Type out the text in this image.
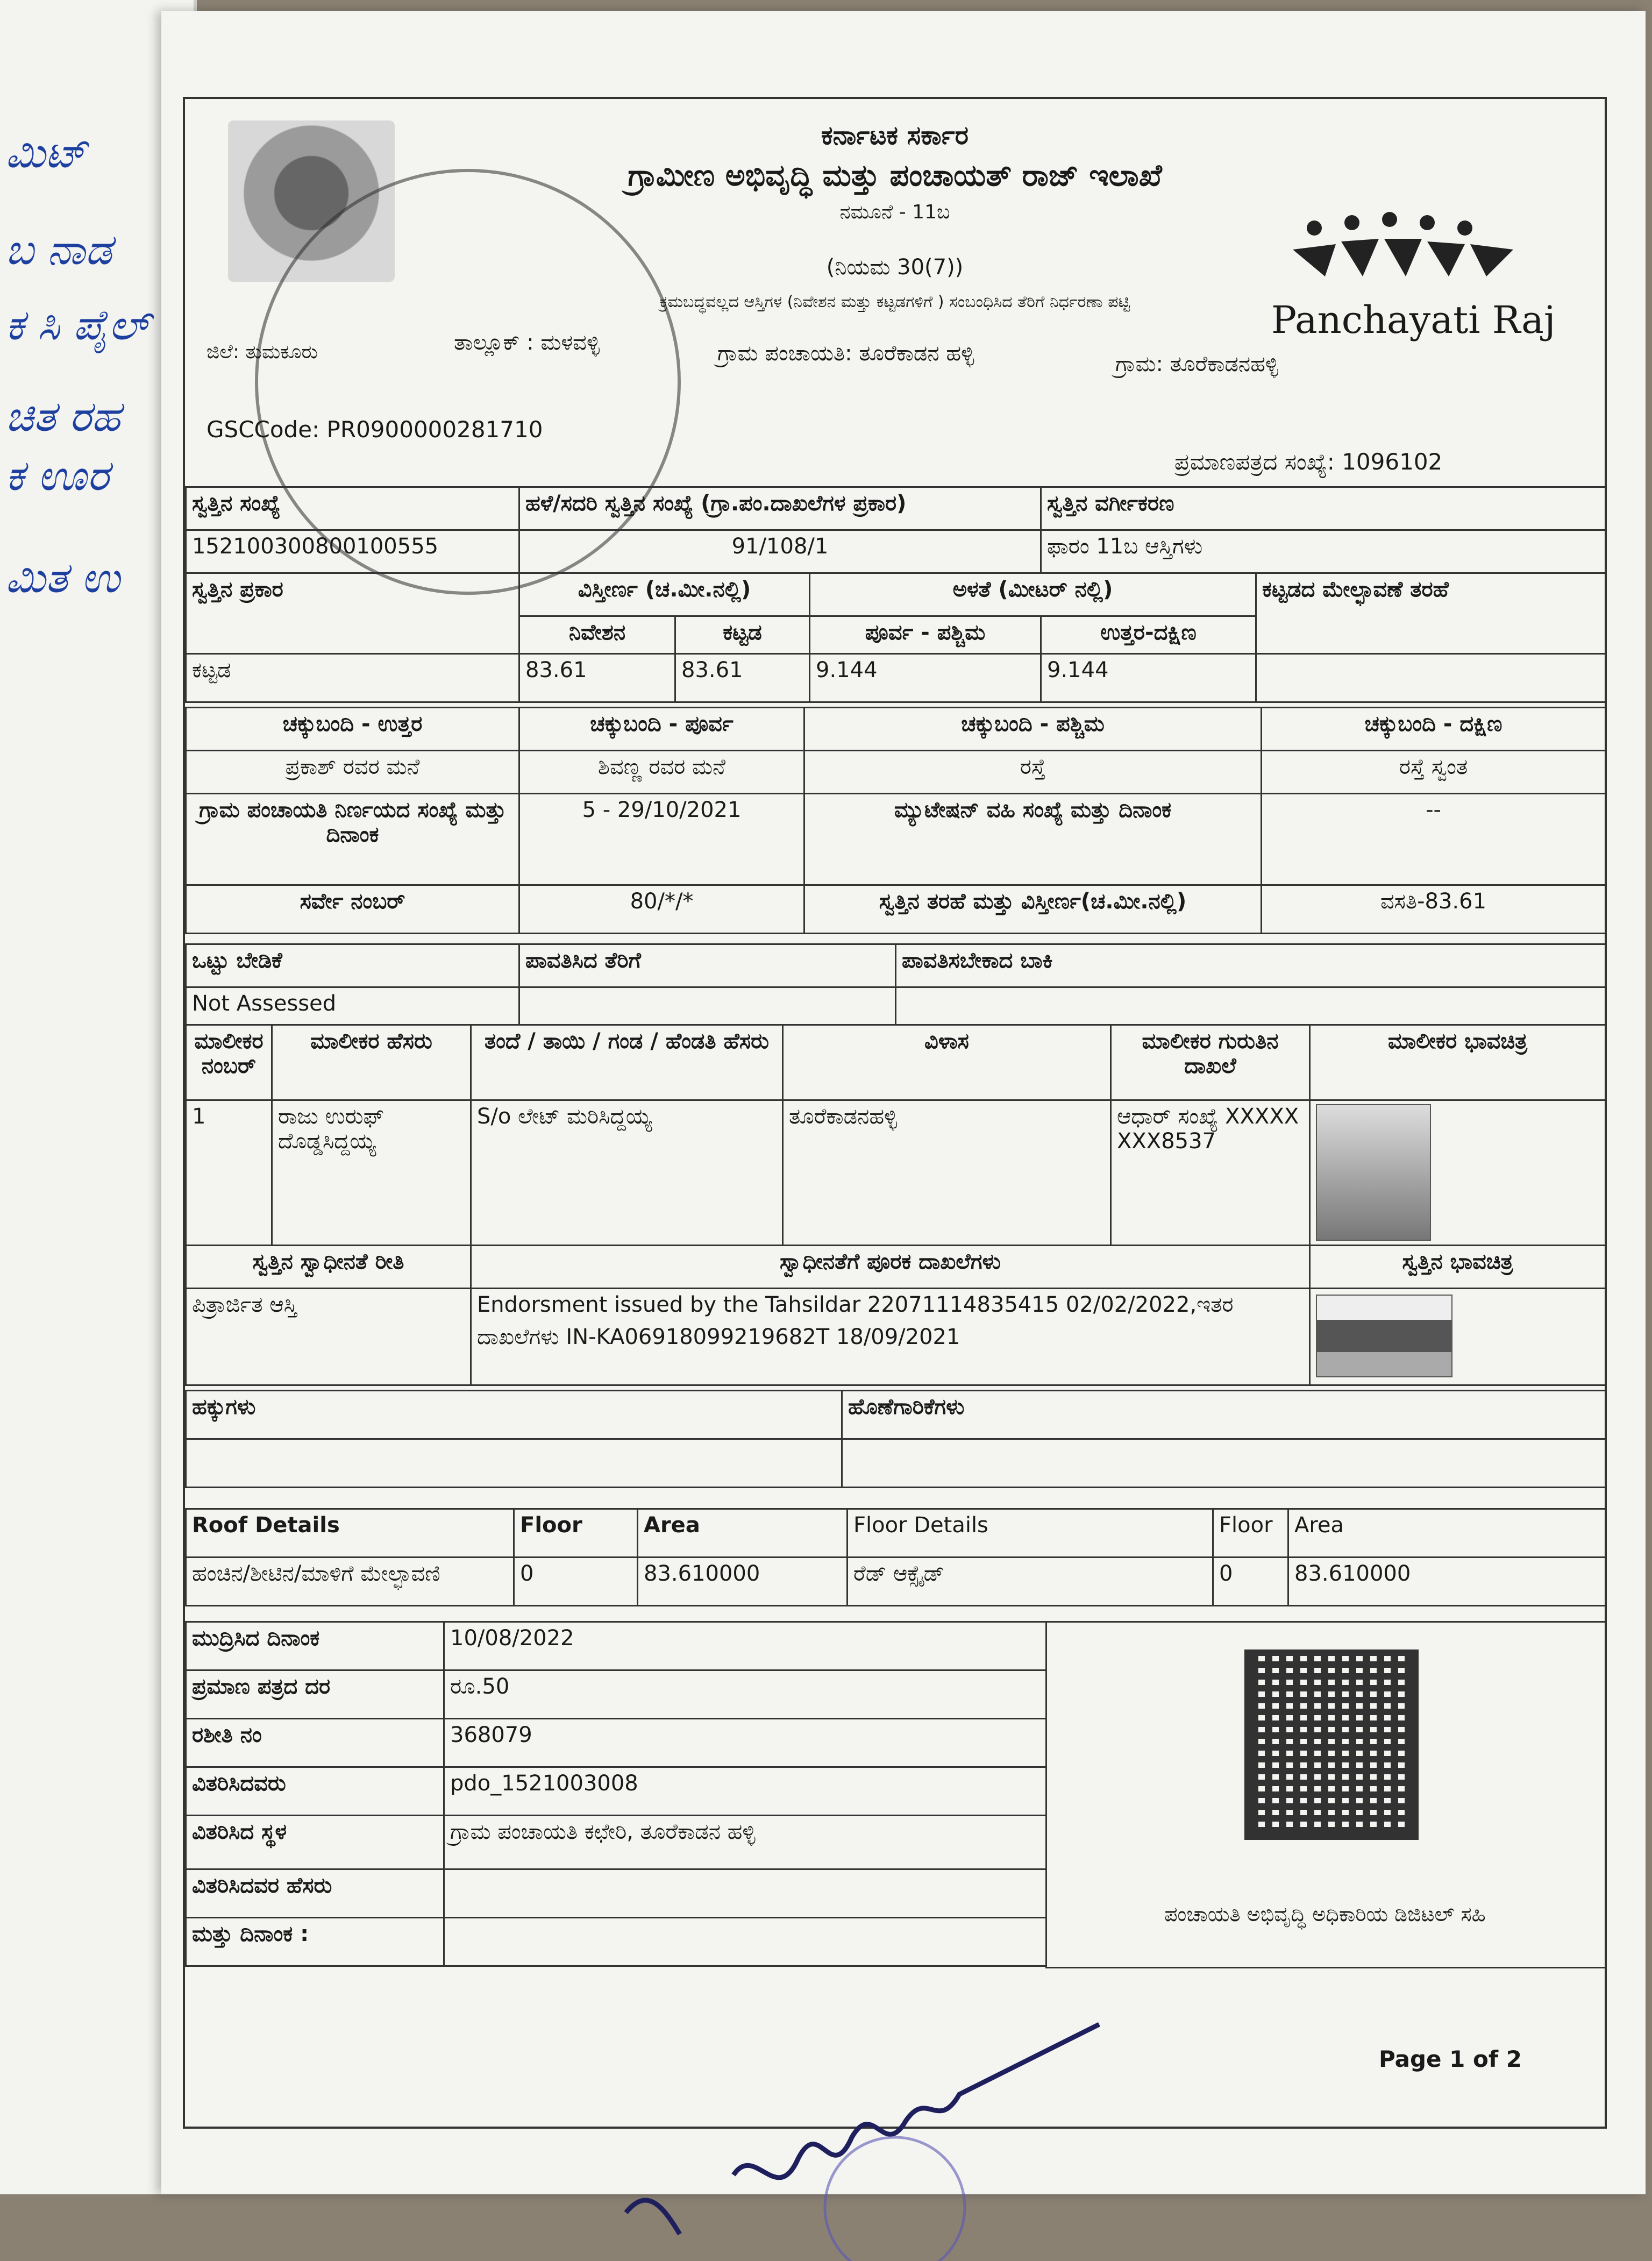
ಮಿಟ್
ಬ ನಾಡ
ಕ ಸಿ ಪೈಲ್
ಚಿತ ರಹ
ಕ ಊರ
ಮಿತ ಉ
ಕರ್ನಾಟಕ ಸರ್ಕಾರ
ಗ್ರಾಮೀಣ ಅಭಿವೃದ್ಧಿ ಮತ್ತು ಪಂಚಾಯತ್ ರಾಜ್ ಇಲಾಖೆ
ನಮೂನೆ - 11ಬ
(ನಿಯಮ 30(7))
ಕ್ರಮಬದ್ಧವಲ್ಲದ ಆಸ್ತಿಗಳ (ನಿವೇಶನ ಮತ್ತು ಕಟ್ಟಡಗಳಿಗೆ ) ಸಂಬಂಧಿಸಿದ ತೆರಿಗೆ ನಿರ್ಧರಣಾ ಪಟ್ಟಿ	Panchayati Raj
ಜಿಲೆ: ತುಮಕೂರು	ತಾಲ್ಲೂಕ್ : ಮಳವಳ್ಳಿ	ಗ್ರಾಮ ಪಂಚಾಯತಿ: ತೂರೆಕಾಡನ ಹಳ್ಳಿ	ಗ್ರಾಮ: ತೂರೆಕಾಡನಹಳ್ಳಿ
GSCCode: PR0900000281710
ಪ್ರಮಾಣಪತ್ರದ ಸಂಖ್ಯೆ: 1096102
ಸ್ವತ್ತಿನ ಸಂಖ್ಯೆ	ಹಳೆ/ಸದರಿ ಸ್ವತ್ತಿನ ಸಂಖ್ಯೆ (ಗ್ರಾ.ಪಂ.ದಾಖಲೆಗಳ ಪ್ರಕಾರ)	ಸ್ವತ್ತಿನ ವರ್ಗೀಕರಣ
152100300800100555	91/108/1	ಫಾರಂ 11ಬ ಆಸ್ತಿಗಳು
ಸ್ವತ್ತಿನ ಪ್ರಕಾರ	ವಿಸ್ತೀರ್ಣ (ಚ.ಮೀ.ನಲ್ಲಿ)		ಅಳತೆ (ಮೀಟರ್ ನಲ್ಲಿ)		ಕಟ್ಟಡದ ಮೇಲ್ಛಾವಣೆ ತರಹೆ
	ನಿವೇಶನ	ಕಟ್ಟಡ	ಪೂರ್ವ - ಪಶ್ಚಿಮ	ಉತ್ತರ-ದಕ್ಷಿಣ	
ಕಟ್ಟಡ	83.61	83.61	9.144	9.144	
ಚಕ್ಕುಬಂದಿ - ಉತ್ತರ	ಚಕ್ಕುಬಂದಿ - ಪೂರ್ವ	ಚಕ್ಕುಬಂದಿ - ಪಶ್ಚಿಮ	ಚಕ್ಕುಬಂದಿ - ದಕ್ಷಿಣ
ಪ್ರಕಾಶ್ ರವರ ಮನೆ	ಶಿವಣ್ಣ ರವರ ಮನೆ	ರಸ್ತೆ	ರಸ್ತೆ ಸ್ವಂತ
ಗ್ರಾಮ ಪಂಚಾಯತಿ ನಿರ್ಣಯದ ಸಂಖ್ಯೆ ಮತ್ತು ದಿನಾಂಕ	5 - 29/10/2021	ಮ್ಯುಟೇಷನ್ ವಹಿ ಸಂಖ್ಯೆ ಮತ್ತು ದಿನಾಂಕ	--
ಸರ್ವೇ ನಂಬರ್	80/*/*	ಸ್ವತ್ತಿನ ತರಹೆ ಮತ್ತು ವಿಸ್ತೀರ್ಣ(ಚ.ಮೀ.ನಲ್ಲಿ)	ವಸತಿ-83.61
ಒಟ್ಟು ಬೇಡಿಕೆ	ಪಾವತಿಸಿದ ತೆರಿಗೆ	ಪಾವತಿಸಬೇಕಾದ ಬಾಕಿ
Not Assessed		
ಮಾಲೀಕರ ನಂಬರ್	ಮಾಲೀಕರ ಹೆಸರು	ತಂದೆ / ತಾಯಿ / ಗಂಡ / ಹೆಂಡತಿ ಹೆಸರು	ವಿಳಾಸ	ಮಾಲೀಕರ ಗುರುತಿನ ದಾಖಲೆ	ಮಾಲೀಕರ ಭಾವಚಿತ್ರ
1	ರಾಜು ಉರುಫ್ ದೊಡ್ಡಸಿದ್ದಯ್ಯ	S/o ಲೇಟ್ ಮರಿಸಿದ್ದಯ್ಯ	ತೂರೆಕಾಡನಹಳ್ಳಿ	ಆಧಾರ್ ಸಂಖ್ಯೆ XXXXXXXX8537	
ಸ್ವತ್ತಿನ ಸ್ವಾಧೀನತೆ ರೀತಿ	ಸ್ವಾಧೀನತೆಗೆ ಪೂರಕ ದಾಖಲೆಗಳು	ಸ್ವತ್ತಿನ ಭಾವಚಿತ್ರ
ಪಿತ್ರಾರ್ಜಿತ ಆಸ್ತಿ	Endorsment issued by the Tahsildar 22071114835415 02/02/2022,ಇತರ
ದಾಖಲೆಗಳು IN-KA06918099219682T 18/09/2021	

ಹಕ್ಕುಗಳು	ಹೊಣೆಗಾರಿಕೆಗಳು

Roof Details	Floor	Area	Floor Details	Floor	Area
ಹಂಚಿನ/ಶೀಟಿನ/ಮಾಳಿಗೆ ಮೇಲ್ಛಾವಣಿ	0	83.610000	ರೆಡ್ ಆಕ್ಸೈಡ್	0	83.610000
ಮುದ್ರಿಸಿದ ದಿನಾಂಕ	10/08/2022
ಪ್ರಮಾಣ ಪತ್ರದ ದರ	ರೂ.50
ರಶೀತಿ ನಂ	368079
ವಿತರಿಸಿದವರು	pdo_1521003008
ವಿತರಿಸಿದ ಸ್ಥಳ	ಗ್ರಾಮ ಪಂಚಾಯತಿ ಕಛೇರಿ, ತೂರೆಕಾಡನ ಹಳ್ಳಿ
ವಿತರಿಸಿದವರ ಹೆಸರು	
ಮತ್ತು ದಿನಾಂಕ :	
ಪಂಚಾಯತಿ ಅಭಿವೃದ್ಧಿ ಅಧಿಕಾರಿಯ ಡಿಜಿಟಲ್ ಸಹಿ
Page 1 of 2
